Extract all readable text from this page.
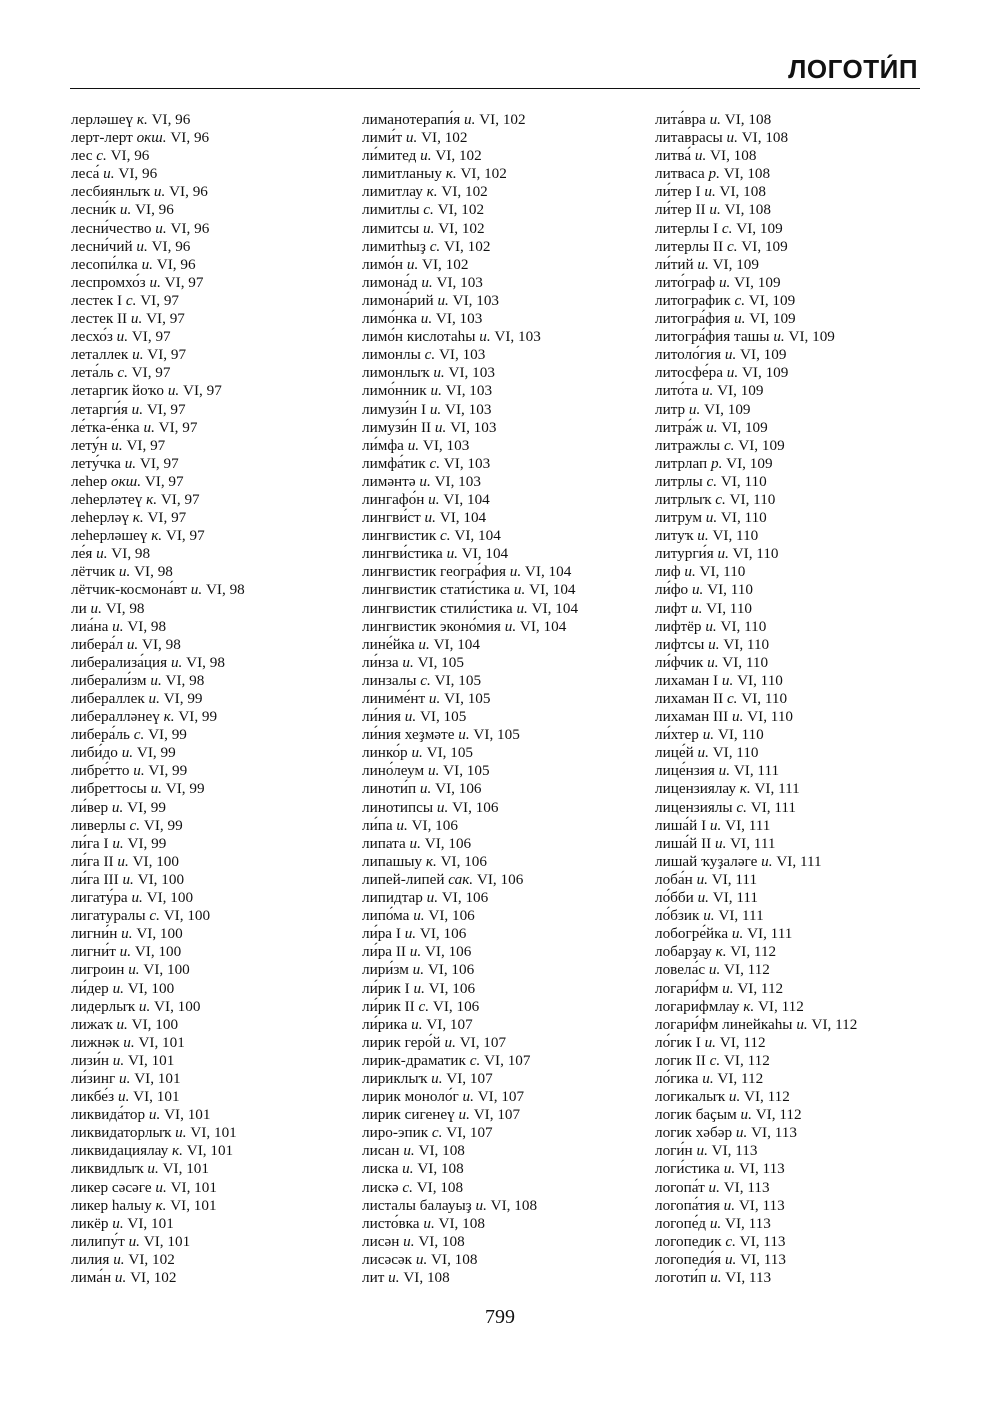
ЛОГОТИ́П
лерләшеү к. VI, 96
лерт-лерт окш. VI, 96
лес с. VI, 96
леса́ и. VI, 96
лесбиянлыҡ и. VI, 96
лесни́к и. VI, 96
лесни́чество и. VI, 96
лесни́чий и. VI, 96
лесопи́лка и. VI, 96
леспромхо́з и. VI, 97
лестек I с. VI, 97
лестек II и. VI, 97
лесхо́з и. VI, 97
леталлек и. VI, 97
лета́ль с. VI, 97
летаргик йоҡо и. VI, 97
летарги́я и. VI, 97
ле́тка-е́нка и. VI, 97
лету́н и. VI, 97
лету́чка и. VI, 97
леһер окш. VI, 97
леһерләтеү к. VI, 97
леһерләү к. VI, 97
леһерләшеү к. VI, 97
ле́я и. VI, 98
лётчик и. VI, 98
лётчик-космона́вт и. VI, 98
ли и. VI, 98
лиа́на и. VI, 98
либера́л и. VI, 98
либерализа́ция и. VI, 98
либерали́зм и. VI, 98
либераллек и. VI, 99
либералләнеү к. VI, 99
либера́ль с. VI, 99
либи́до и. VI, 99
либре́тто и. VI, 99
либреттосы и. VI, 99
ли́вер и. VI, 99
ливерлы с. VI, 99
ли́га I и. VI, 99
ли́га II и. VI, 100
ли́га III и. VI, 100
лигату́ра и. VI, 100
лигатуралы с. VI, 100
лигни́н и. VI, 100
лигни́т и. VI, 100
лигроин и. VI, 100
ли́дер и. VI, 100
лидерлыҡ и. VI, 100
лижаҡ и. VI, 100
лижнәк и. VI, 101
лизи́н и. VI, 101
ли́зинг и. VI, 101
ликбе́з и. VI, 101
ликвида́тор и. VI, 101
ликвидаторлыҡ и. VI, 101
ликвидациялау к. VI, 101
ликвидлыҡ и. VI, 101
ликер сәсәге и. VI, 101
ликер һалыу к. VI, 101
ликёр и. VI, 101
лилипу́т и. VI, 101
лилия и. VI, 102
лима́н и. VI, 102
лиманотерапи́я и. VI, 102
лими́т и. VI, 102
ли́митед и. VI, 102
лимитланыу к. VI, 102
лимитлау к. VI, 102
лимитлы с. VI, 102
лимитсы и. VI, 102
лимитһыҙ с. VI, 102
лимо́н и. VI, 102
лимона́д и. VI, 103
лимона́рий и. VI, 103
лимо́нка и. VI, 103
лимо́н кислотаһы и. VI, 103
лимонлы с. VI, 103
лимонлыҡ и. VI, 103
лимо́нник и. VI, 103
лимузи́н I и. VI, 103
лимузи́н II и. VI, 103
ли́мфа и. VI, 103
лимфа́тик с. VI, 103
лимәнтә и. VI, 103
лингафо́н и. VI, 104
лингви́ст и. VI, 104
лингвистик с. VI, 104
лингви́стика и. VI, 104
лингвистик геогра́фия и. VI, 104
лингвистик стати́стика и. VI, 104
лингвистик стили́стика и. VI, 104
лингвистик эконо́мия и. VI, 104
лине́йка и. VI, 104
ли́нза и. VI, 105
линзалы с. VI, 105
линиме́нт и. VI, 105
ли́ния и. VI, 105
ли́ния хеҙмәте и. VI, 105
линко́р и. VI, 105
лино́леум и. VI, 105
линоти́п и. VI, 106
линотипсы и. VI, 106
ли́па и. VI, 106
липата и. VI, 106
липашыу к. VI, 106
липей-липей сак. VI, 106
липидтар и. VI, 106
липо́ма и. VI, 106
ли́ра I и. VI, 106
ли́ра II и. VI, 106
лири́зм и. VI, 106
ли́рик I и. VI, 106
ли́рик II с. VI, 106
ли́рика и. VI, 107
лирик геро́й и. VI, 107
лирик-драматик с. VI, 107
лириклыҡ и. VI, 107
лирик моноло́г и. VI, 107
лирик сигенеү и. VI, 107
лиро-эпик с. VI, 107
лисан и. VI, 108
лиска и. VI, 108
лискә с. VI, 108
листалы балауыҙ и. VI, 108
листо́вка и. VI, 108
лисән и. VI, 108
лисәсәк и. VI, 108
лит и. VI, 108
лита́вра и. VI, 108
литаврасы и. VI, 108
литва́ и. VI, 108
литваса р. VI, 108
ли́тер I и. VI, 108
ли́тер II и. VI, 108
литерлы I с. VI, 109
литерлы II с. VI, 109
ли́тий и. VI, 109
лито́граф и. VI, 109
литографик с. VI, 109
литогра́фия и. VI, 109
литогра́фия ташы и. VI, 109
литоло́гия и. VI, 109
литосфе́ра и. VI, 109
лито́та и. VI, 109
литр и. VI, 109
литра́ж и. VI, 109
литражлы с. VI, 109
литрлап р. VI, 109
литрлы с. VI, 110
литрлыҡ с. VI, 110
литрум и. VI, 110
литуҡ и. VI, 110
литурги́я и. VI, 110
лиф и. VI, 110
ли́фо и. VI, 110
лифт и. VI, 110
лифтёр и. VI, 110
лифтсы и. VI, 110
ли́фчик и. VI, 110
лихаман I и. VI, 110
лихаман II с. VI, 110
лихаман III и. VI, 110
ли́хтер и. VI, 110
лице́й и. VI, 110
лице́нзия и. VI, 111
лицензиялау к. VI, 111
лицензиялы с. VI, 111
лиша́й I и. VI, 111
лиша́й II и. VI, 111
лишай ҡуҙаләге и. VI, 111
лоба́н и. VI, 111
ло́бби и. VI, 111
ло́бзик и. VI, 111
лобогре́йка и. VI, 111
лобарҙау к. VI, 112
ловела́с и. VI, 112
логари́фм и. VI, 112
логарифмлау к. VI, 112
логари́фм линейкаһы и. VI, 112
ло́гик I и. VI, 112
логик II с. VI, 112
ло́гика и. VI, 112
логикалыҡ и. VI, 112
логик баҫым и. VI, 112
логик хәбәр и. VI, 113
логи́н и. VI, 113
логи́стика и. VI, 113
логопа́т и. VI, 113
логопа́тия и. VI, 113
логопе́д и. VI, 113
логопедик с. VI, 113
логопеди́я и. VI, 113
логоти́п и. VI, 113
799
